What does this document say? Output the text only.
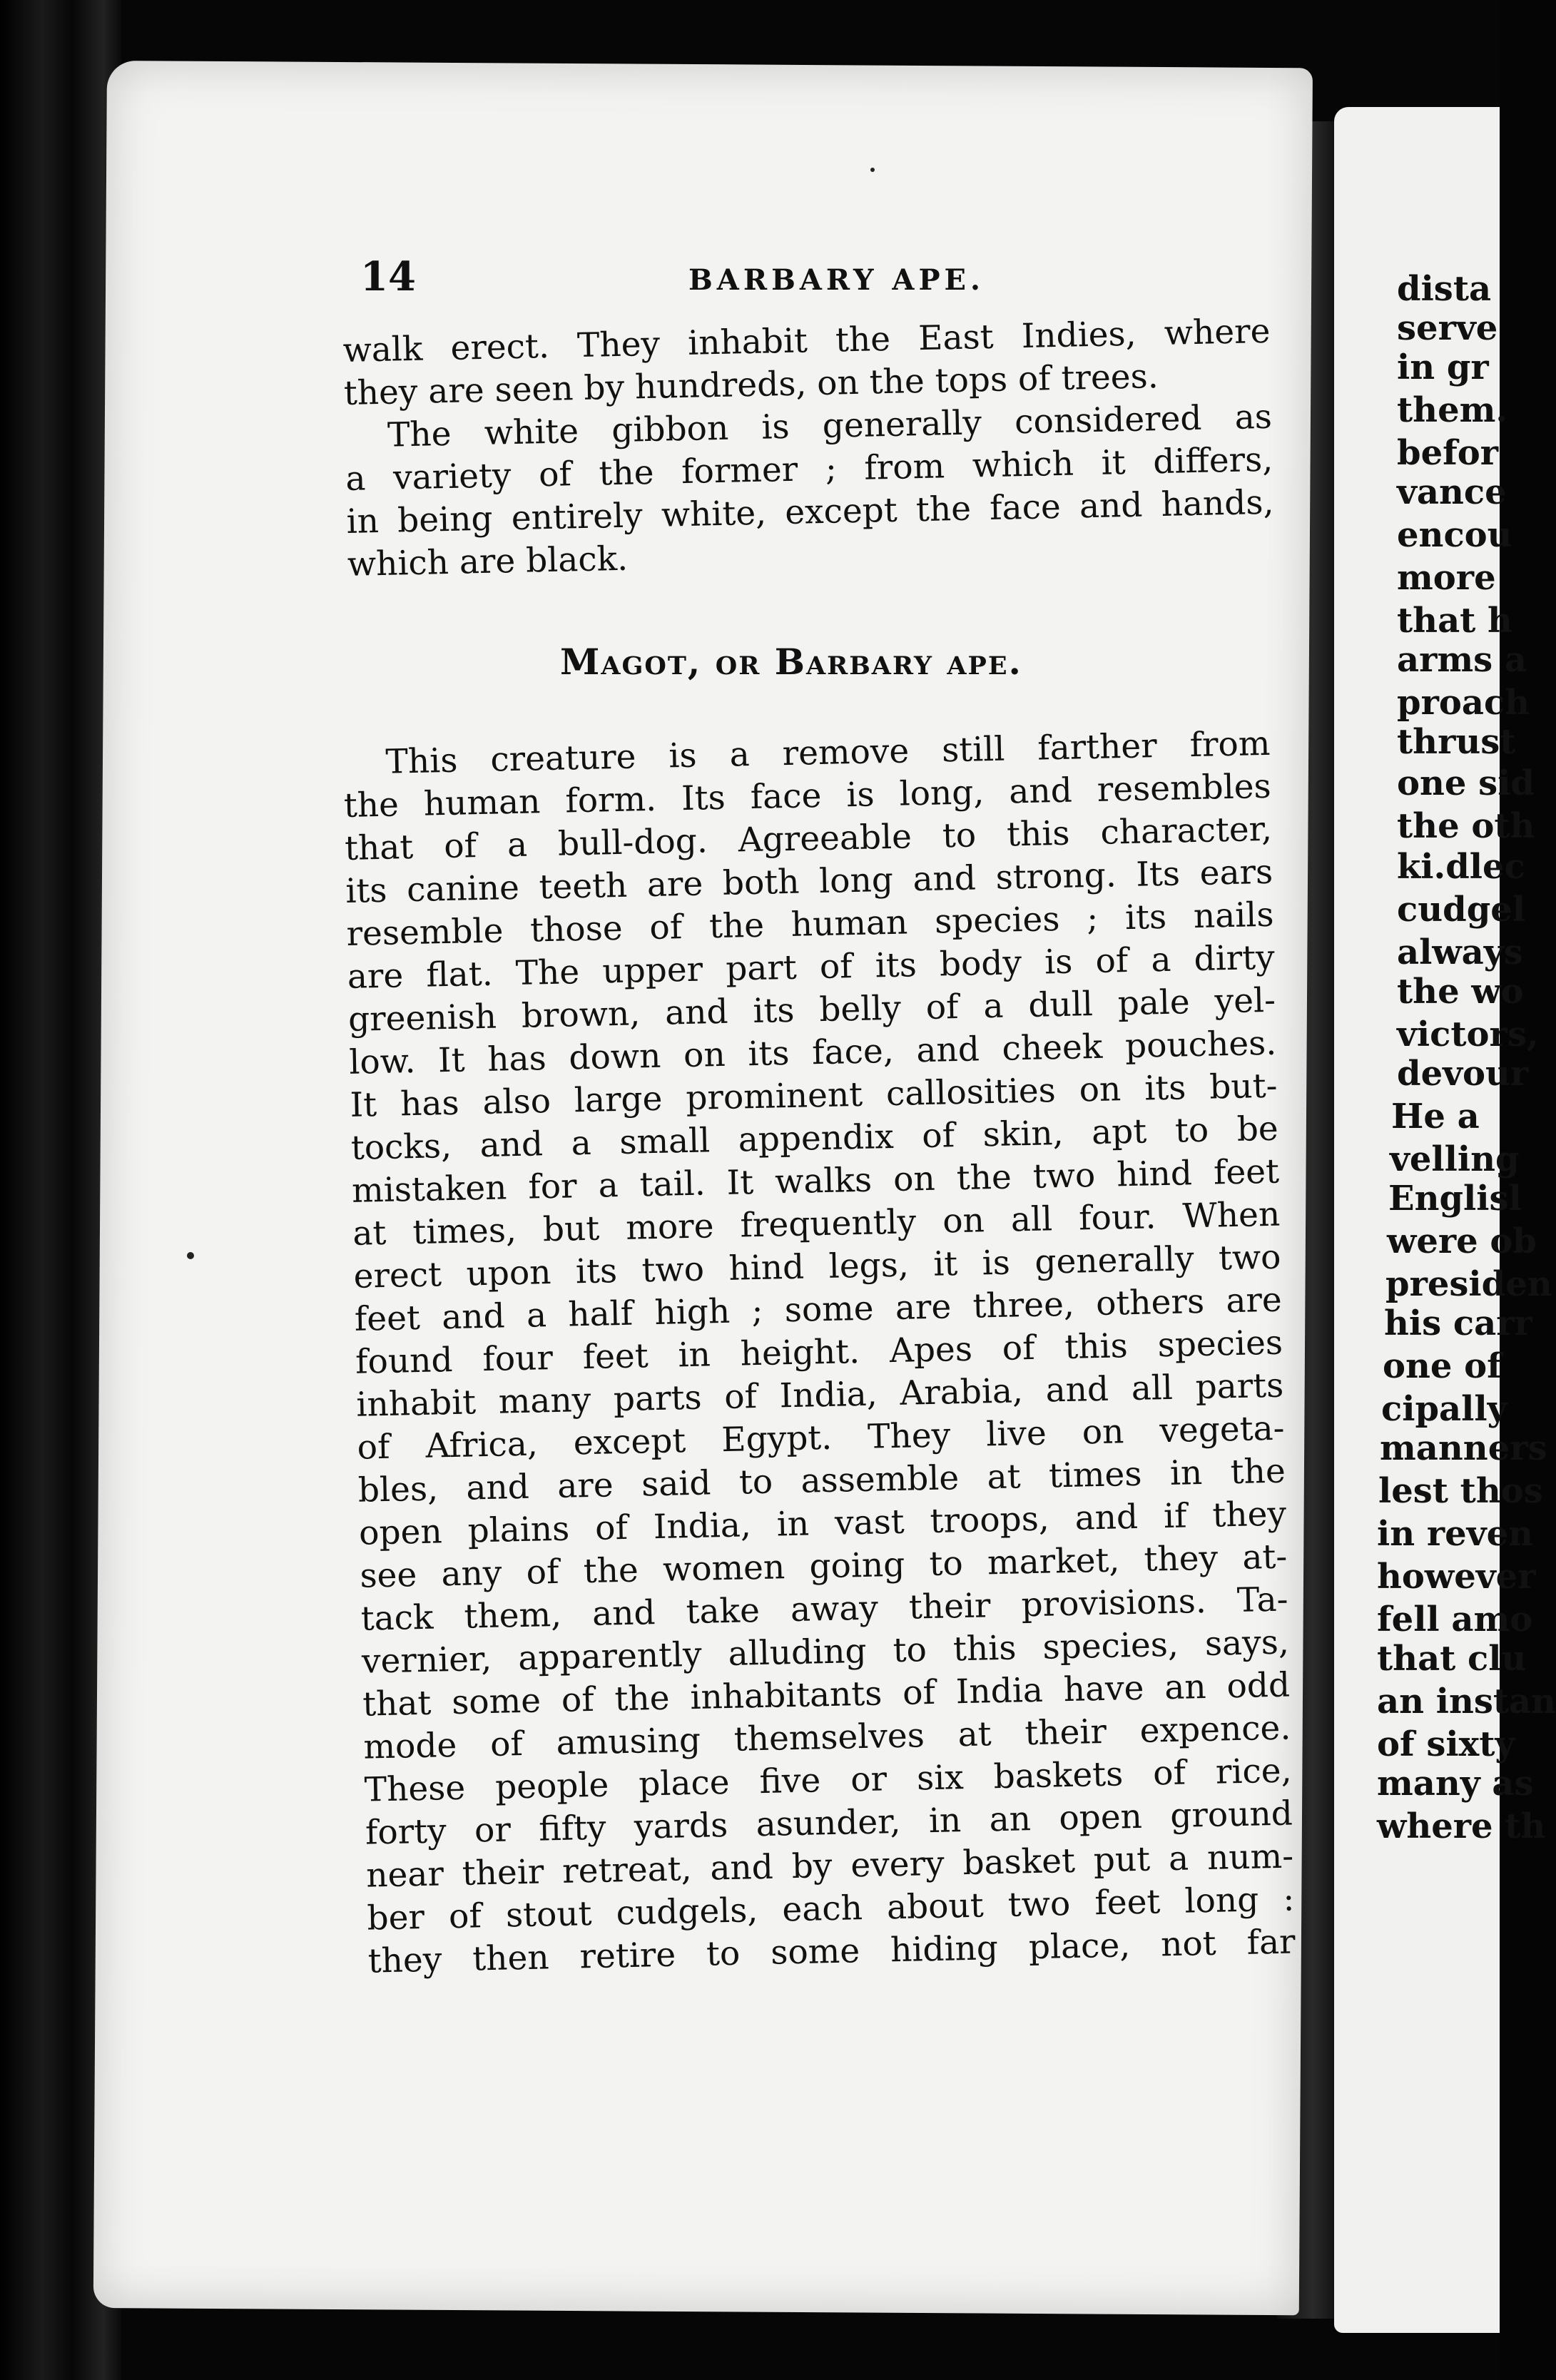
dista
serve
in gr
them.
befor
vance
encou
more
that h
arms a
proach
thrust
one sid
the oth
ki.dlec
cudgel
always
the wo
victors,
devour
He a
velling
Englisl
were ob
presiden
his carr
one of
cipally
manners
lest thos
in reven
however
fell amo
that clu
an instan
of sixty
many as
where th
14	BARBARY APE.
walk erect. They inhabit the East Indies, where
they are seen by hundreds, on the tops of trees.
The white gibbon is generally considered as
a variety of the former ; from which it differs,
in being entirely white, except the face and hands,
which are black.
Magot, or Barbary ape.
This creature is a remove still farther from
the human form. Its face is long, and resembles
that of a bull-dog. Agreeable to this character,
its canine teeth are both long and strong. Its ears
resemble those of the human species ; its nails
are flat. The upper part of its body is of a dirty
greenish brown, and its belly of a dull pale yel-
low. It has down on its face, and cheek pouches.
It has also large prominent callosities on its but-
tocks, and a small appendix of skin, apt to be
mistaken for a tail. It walks on the two hind feet
at times, but more frequently on all four. When
erect upon its two hind legs, it is generally two
feet and a half high ; some are three, others are
found four feet in height. Apes of this species
inhabit many parts of India, Arabia, and all parts
of Africa, except Egypt. They live on vegeta-
bles, and are said to assemble at times in the
open plains of India, in vast troops, and if they
see any of the women going to market, they at-
tack them, and take away their provisions. Ta-
vernier, apparently alluding to this species, says,
that some of the inhabitants of India have an odd
mode of amusing themselves at their expence.
These people place five or six baskets of rice,
forty or fifty yards asunder, in an open ground
near their retreat, and by every basket put a num-
ber of stout cudgels, each about two feet long :
they then retire to some hiding place, not far
